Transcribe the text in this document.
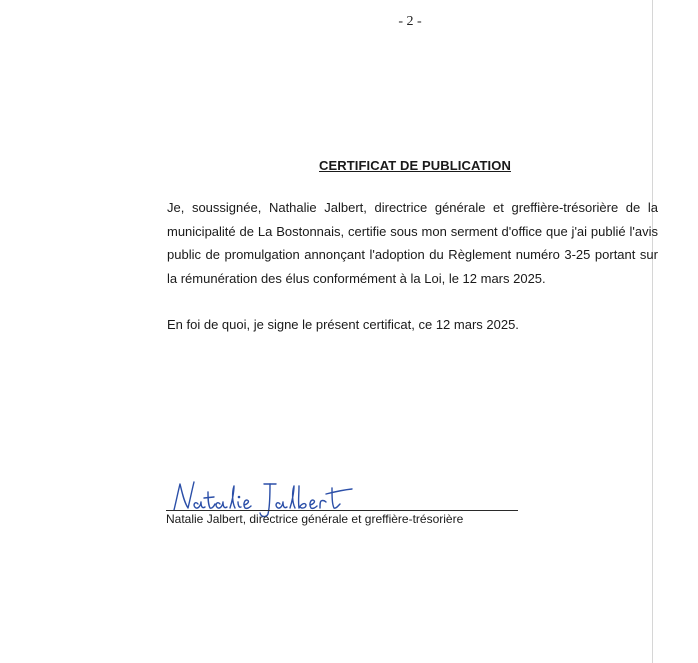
- 2 -
CERTIFICAT DE PUBLICATION
Je, soussignée, Nathalie Jalbert, directrice générale et greffière-trésorière de la municipalité de La Bostonnais, certifie sous mon serment d'office que j'ai publié l'avis public de promulgation annonçant l'adoption du Règlement numéro 3-25 portant sur la rémunération des élus conformément à la Loi, le 12 mars 2025.
En foi de quoi, je signe le présent certificat, ce 12 mars 2025.
Natalie Jalbert, directrice générale et greffière-trésorière
